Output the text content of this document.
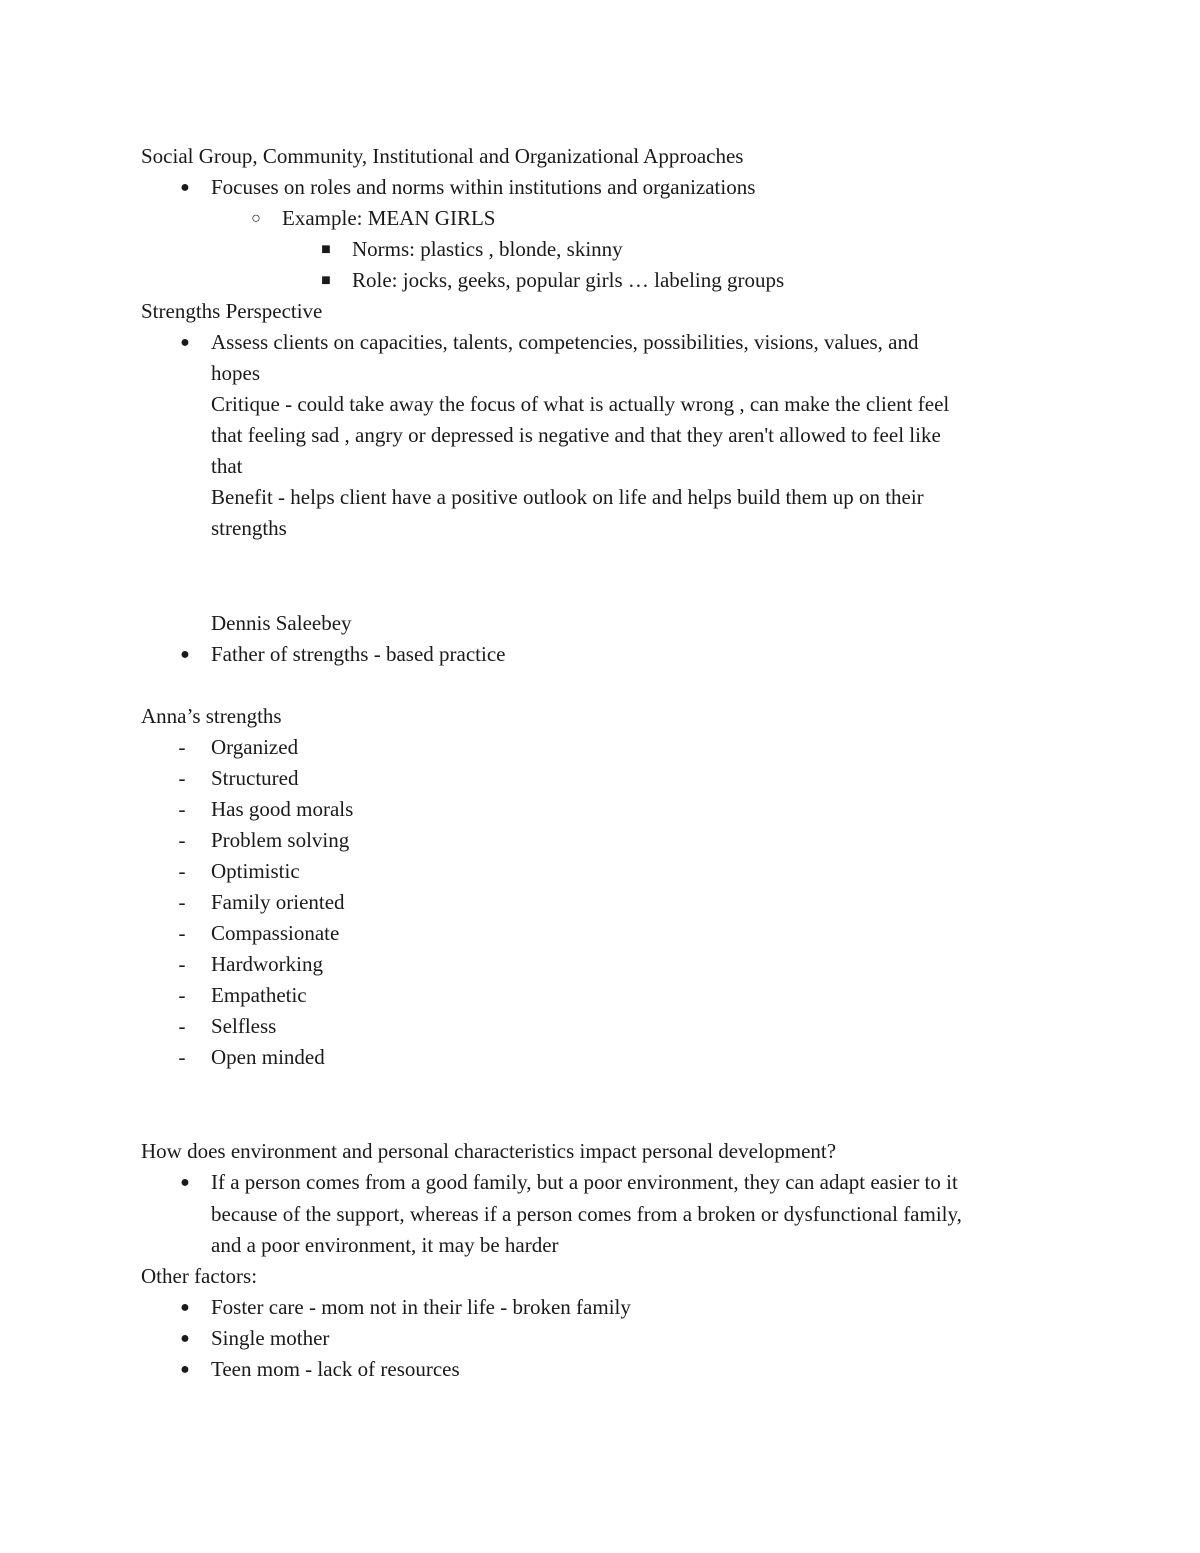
Social Group, Community, Institutional and Organizational Approaches
● Focuses on roles and norms within institutions and organizations
○ Example: MEAN GIRLS
■ Norms: plastics , blonde, skinny
■ Role: jocks, geeks, popular girls … labeling groups
Strengths Perspective
● Assess clients on capacities, talents, competencies, possibilities, visions, values, and
hopes
Critique - could take away the focus of what is actually wrong , can make the client feel
that feeling sad , angry or depressed is negative and that they aren't allowed to feel like
that
Benefit - helps client have a positive outlook on life and helps build them up on their
strengths
Dennis Saleebey
● Father of strengths - based practice
Anna’s strengths
- Organized
- Structured
- Has good morals
- Problem solving
- Optimistic
- Family oriented
- Compassionate
- Hardworking
- Empathetic
- Selfless
- Open minded
How does environment and personal characteristics impact personal development?
● If a person comes from a good family, but a poor environment, they can adapt easier to it
because of the support, whereas if a person comes from a broken or dysfunctional family,
and a poor environment, it may be harder
Other factors:
● Foster care - mom not in their life - broken family
● Single mother
● Teen mom - lack of resources
